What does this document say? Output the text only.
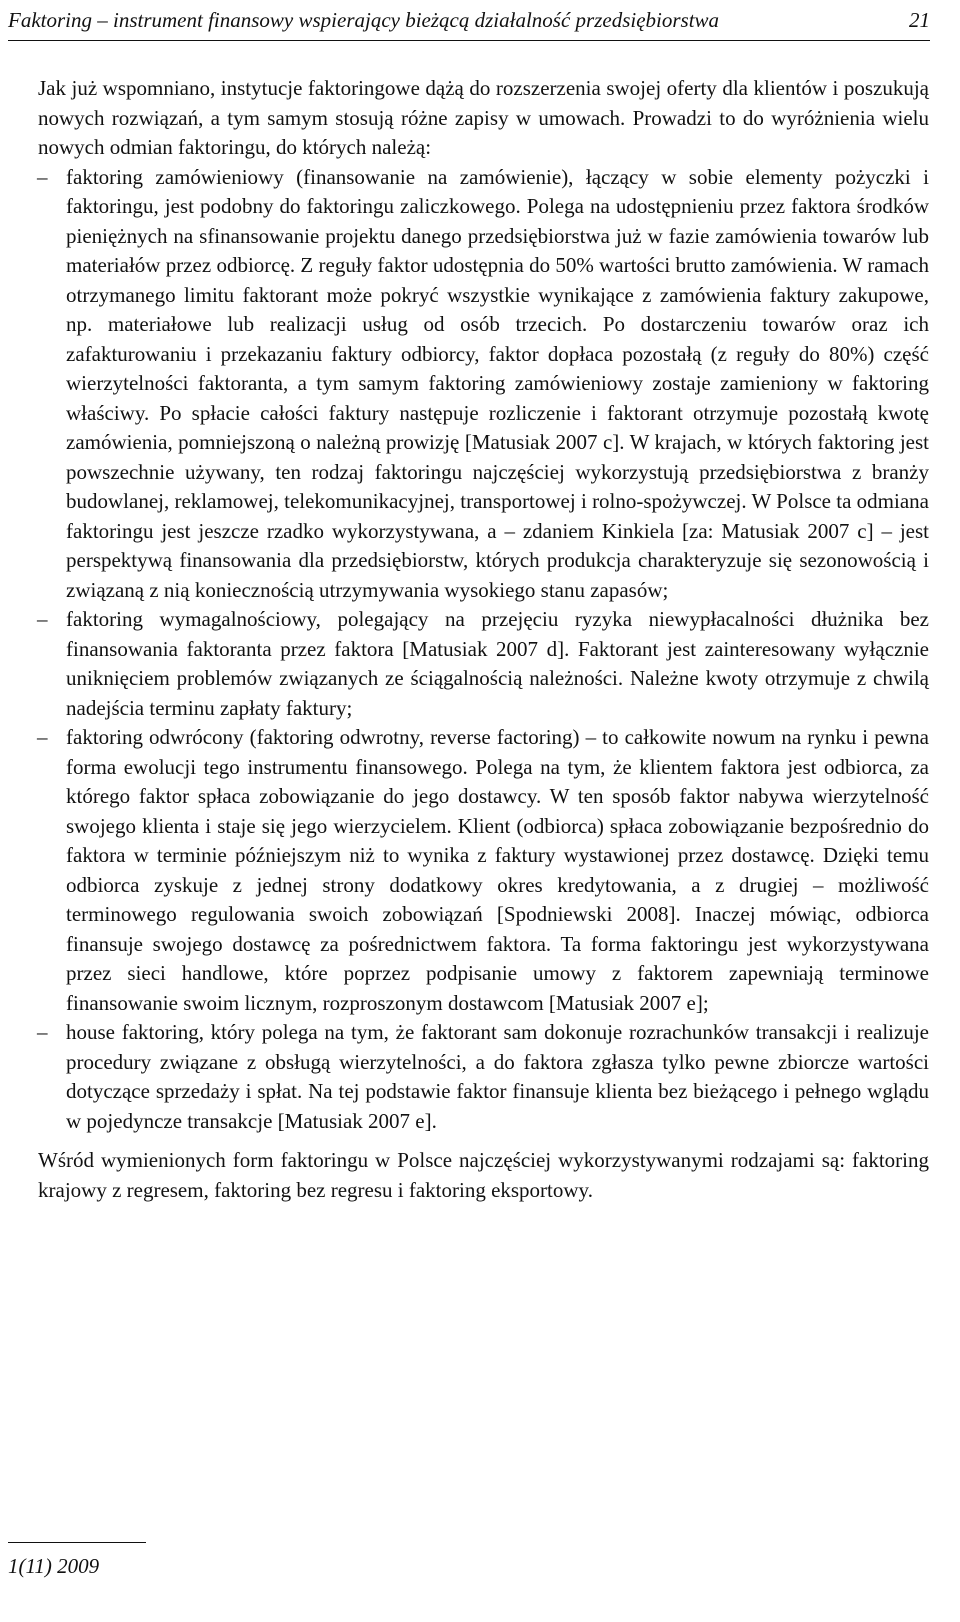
Faktoring – instrument finansowy wspierający bieżącą działalność przedsiębiorstwa	21

Jak już wspomniano, instytucje faktoringowe dążą do rozszerzenia swojej oferty dla klientów i poszukują nowych rozwiązań, a tym samym stosują różne zapisy w umowach. Prowadzi to do wyróżnienia wielu nowych odmian faktoringu, do których należą:

– faktoring zamówieniowy (finansowanie na zamówienie), łączący w sobie elementy pożyczki i faktoringu, jest podobny do faktoringu zaliczkowego. Polega na udostępnieniu przez faktora środków pieniężnych na sfinansowanie projektu danego przedsiębiorstwa już w fazie zamówienia towarów lub materiałów przez odbiorcę. Z reguły faktor udostępnia do 50% wartości brutto zamówienia. W ramach otrzymanego limitu faktorant może pokryć wszystkie wynikające z zamówienia faktury zakupowe, np. materiałowe lub realizacji usług od osób trzecich. Po dostarczeniu towarów oraz ich zafakturowaniu i przekazaniu faktury odbiorcy, faktor dopłaca pozostałą (z reguły do 80%) część wierzytelności faktoranta, a tym samym faktoring zamówieniowy zostaje zamieniony w faktoring właściwy. Po spłacie całości faktury następuje rozliczenie i faktorant otrzymuje pozostałą kwotę zamówienia, pomniejszoną o należną prowizję [Matusiak 2007 c]. W krajach, w których faktoring jest powszechnie używany, ten rodzaj faktoringu najczęściej wykorzystują przedsiębiorstwa z branży budowlanej, reklamowej, telekomunikacyjnej, transportowej i rolno-spożywczej. W Polsce ta odmiana faktoringu jest jeszcze rzadko wykorzystywana, a – zdaniem Kinkiela [za: Matusiak 2007 c] – jest perspektywą finansowania dla przedsiębiorstw, których produkcja charakteryzuje się sezonowością i związaną z nią koniecznością utrzymywania wysokiego stanu zapasów;
– faktoring wymagalnościowy, polegający na przejęciu ryzyka niewypłacalności dłużnika bez finansowania faktoranta przez faktora [Matusiak 2007 d]. Faktorant jest zainteresowany wyłącznie uniknięciem problemów związanych ze ściągalnością należności. Należne kwoty otrzymuje z chwilą nadejścia terminu zapłaty faktury;
– faktoring odwrócony (faktoring odwrotny, reverse factoring) – to całkowite nowum na rynku i pewna forma ewolucji tego instrumentu finansowego. Polega na tym, że klientem faktora jest odbiorca, za którego faktor spłaca zobowiązanie do jego dostawcy. W ten sposób faktor nabywa wierzytelność swojego klienta i staje się jego wierzycielem. Klient (odbiorca) spłaca zobowiązanie bezpośrednio do faktora w terminie późniejszym niż to wynika z faktury wystawionej przez dostawcę. Dzięki temu odbiorca zyskuje z jednej strony dodatkowy okres kredytowania, a z drugiej – możliwość terminowego regulowania swoich zobowiązań [Spodniewski 2008]. Inaczej mówiąc, odbiorca finansuje swojego dostawcę za pośrednictwem faktora. Ta forma faktoringu jest wykorzystywana przez sieci handlowe, które poprzez podpisanie umowy z faktorem zapewniają terminowe finansowanie swoim licznym, rozproszonym dostawcom [Matusiak 2007 e];
– house faktoring, który polega na tym, że faktorant sam dokonuje rozrachunków transakcji i realizuje procedury związane z obsługą wierzytelności, a do faktora zgłasza tylko pewne zbiorcze wartości dotyczące sprzedaży i spłat. Na tej podstawie faktor finansuje klienta bez bieżącego i pełnego wglądu w pojedyncze transakcje [Matusiak 2007 e].

Wśród wymienionych form faktoringu w Polsce najczęściej wykorzystywanymi rodzajami są: faktoring krajowy z regresem, faktoring bez regresu i faktoring eksportowy.

1(11) 2009
